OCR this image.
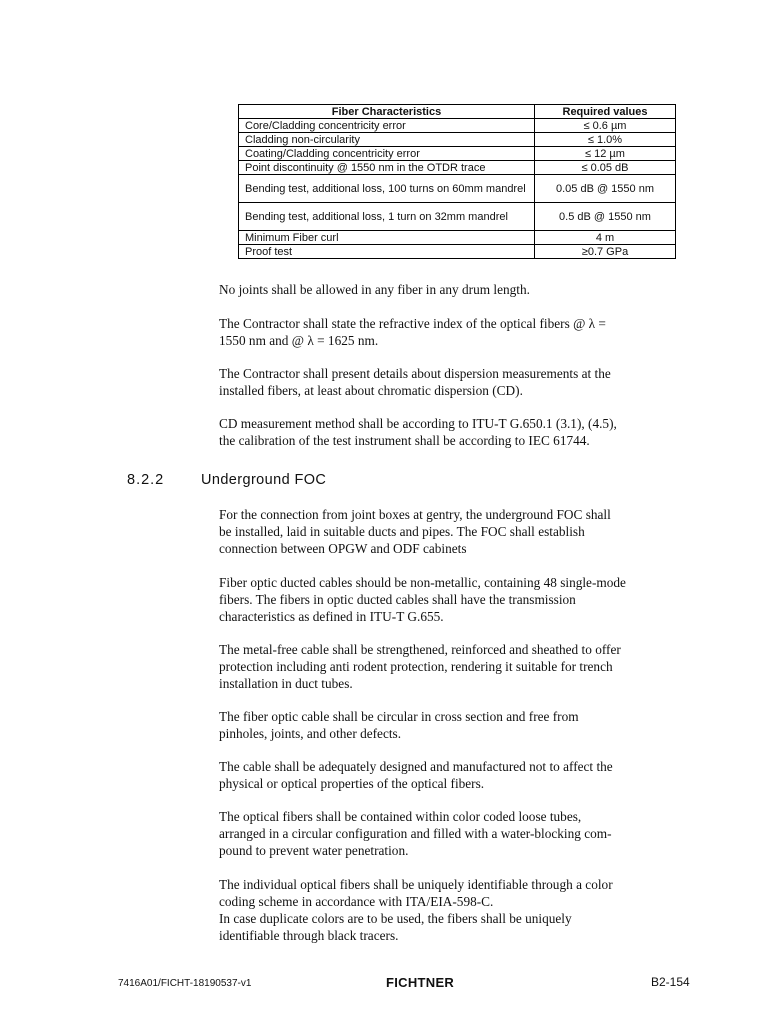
Fiber Characteristics	Required values
Core/Cladding concentricity error	≤ 0.6 µm
Cladding non-circularity	≤ 1.0%
Coating/Cladding concentricity error	≤ 12 µm
Point discontinuity @ 1550 nm in the OTDR trace	≤ 0.05 dB
Bending test, additional loss, 100 turns on 60mm mandrel	0.05 dB @ 1550 nm
Bending test, additional loss, 1 turn on 32mm mandrel	0.5 dB @ 1550 nm
Minimum Fiber curl	4 m
Proof test	≥0.7 GPa

No joints shall be allowed in any fiber in any drum length.

The Contractor shall state the refractive index of the optical fibers @ λ =
1550 nm and @ λ = 1625 nm.

The Contractor shall present details about dispersion measurements at the
installed fibers, at least about chromatic dispersion (CD).

CD measurement method shall be according to ITU-T G.650.1 (3.1), (4.5),
the calibration of the test instrument shall be according to IEC 61744.

8.2.2	Underground FOC

For the connection from joint boxes at gentry, the underground FOC shall
be installed, laid in suitable ducts and pipes. The FOC shall establish
connection between OPGW and ODF cabinets

Fiber optic ducted cables should be non-metallic, containing 48 single-mode
fibers. The fibers in optic ducted cables shall have the transmission
characteristics as defined in ITU-T G.655.

The metal-free cable shall be strengthened, reinforced and sheathed to offer
protection including anti rodent protection, rendering it suitable for trench
installation in duct tubes.

The fiber optic cable shall be circular in cross section and free from
pinholes, joints, and other defects.

The cable shall be adequately designed and manufactured not to affect the
physical or optical properties of the optical fibers.

The optical fibers shall be contained within color coded loose tubes,
arranged in a circular configuration and filled with a water-blocking com-
pound to prevent water penetration.

The individual optical fibers shall be uniquely identifiable through a color
coding scheme in accordance with ITA/EIA-598-C.
In case duplicate colors are to be used, the fibers shall be uniquely
identifiable through black tracers.

7416A01/FICHT-18190537-v1	FICHTNER	B2-154
